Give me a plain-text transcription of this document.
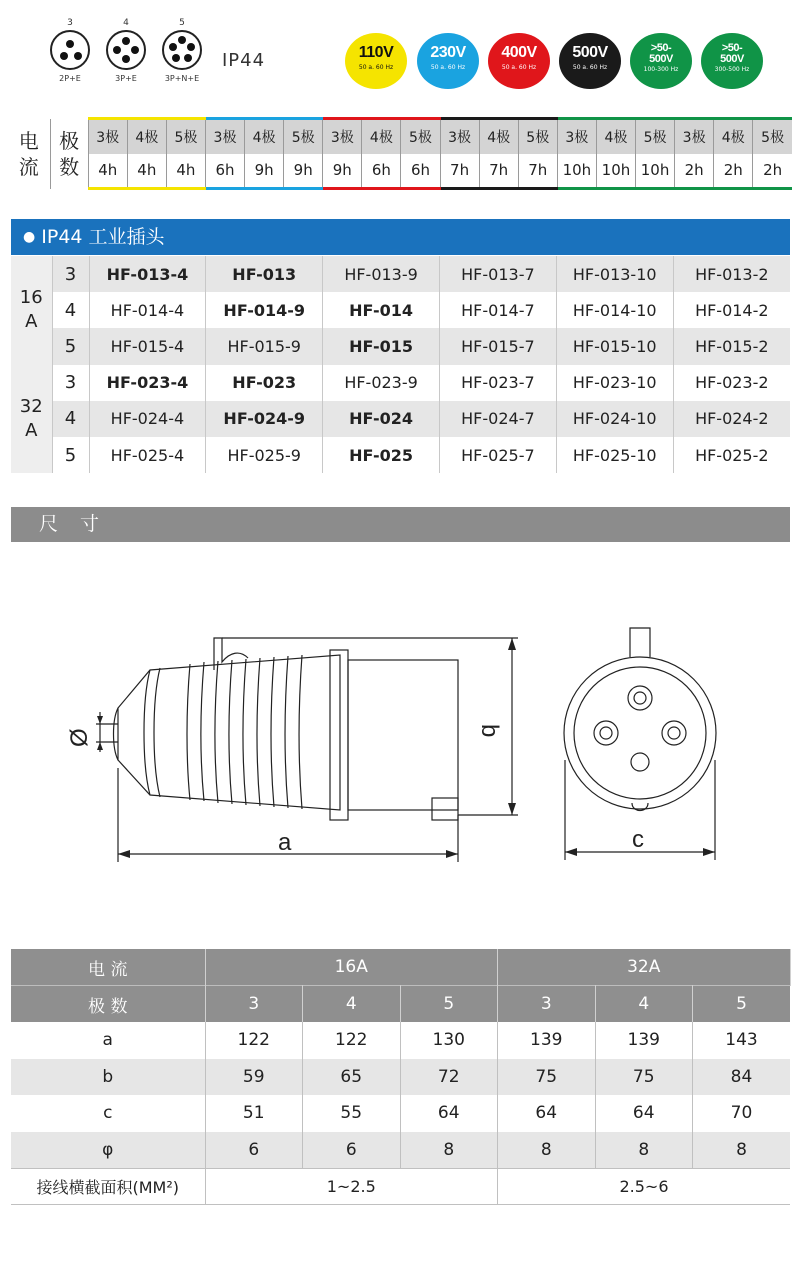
3
2P+E
4
3P+E
5
3P+N+E
IP44	110V
50 a. 60 Hz
230V
50 a. 60 Hz
400V
50 a. 60 Hz
500V
50 a. 60 Hz
>50-
500V
100-300 Hz
>50-
500V
300-500 Hz
电
流	极
数	3极	4极	5极	3极	4极	5极	3极	4极	5极	3极	4极	5极	3极	4极	5极	3极	4极	5极
		4h	4h	4h	6h	9h	9h	9h	6h	6h	7h	7h	7h	10h	10h	10h	2h	2h	2h
● IP44 工业插头
16
A	3	HF-013-4	HF-013	HF-013-9	HF-013-7	HF-013-10	HF-013-2
	4	HF-014-4	HF-014-9	HF-014	HF-014-7	HF-014-10	HF-014-2
	5	HF-015-4	HF-015-9	HF-015	HF-015-7	HF-015-10	HF-015-2
32
A	3	HF-023-4	HF-023	HF-023-9	HF-023-7	HF-023-10	HF-023-2
	4	HF-024-4	HF-024-9	HF-024	HF-024-7	HF-024-10	HF-024-2
	5	HF-025-4	HF-025-9	HF-025	HF-025-7	HF-025-10	HF-025-2
尺寸
a
b
c
Ø
电 流	16A			32A		
极 数	3	4	5	3	4	5
a	122	122	130	139	139	143
b	59	65	72	75	75	84
c	51	55	64	64	64	70
φ	6	6	8	8	8	8
接线横截面积(MM²)	1~2.5			2.5~6		
